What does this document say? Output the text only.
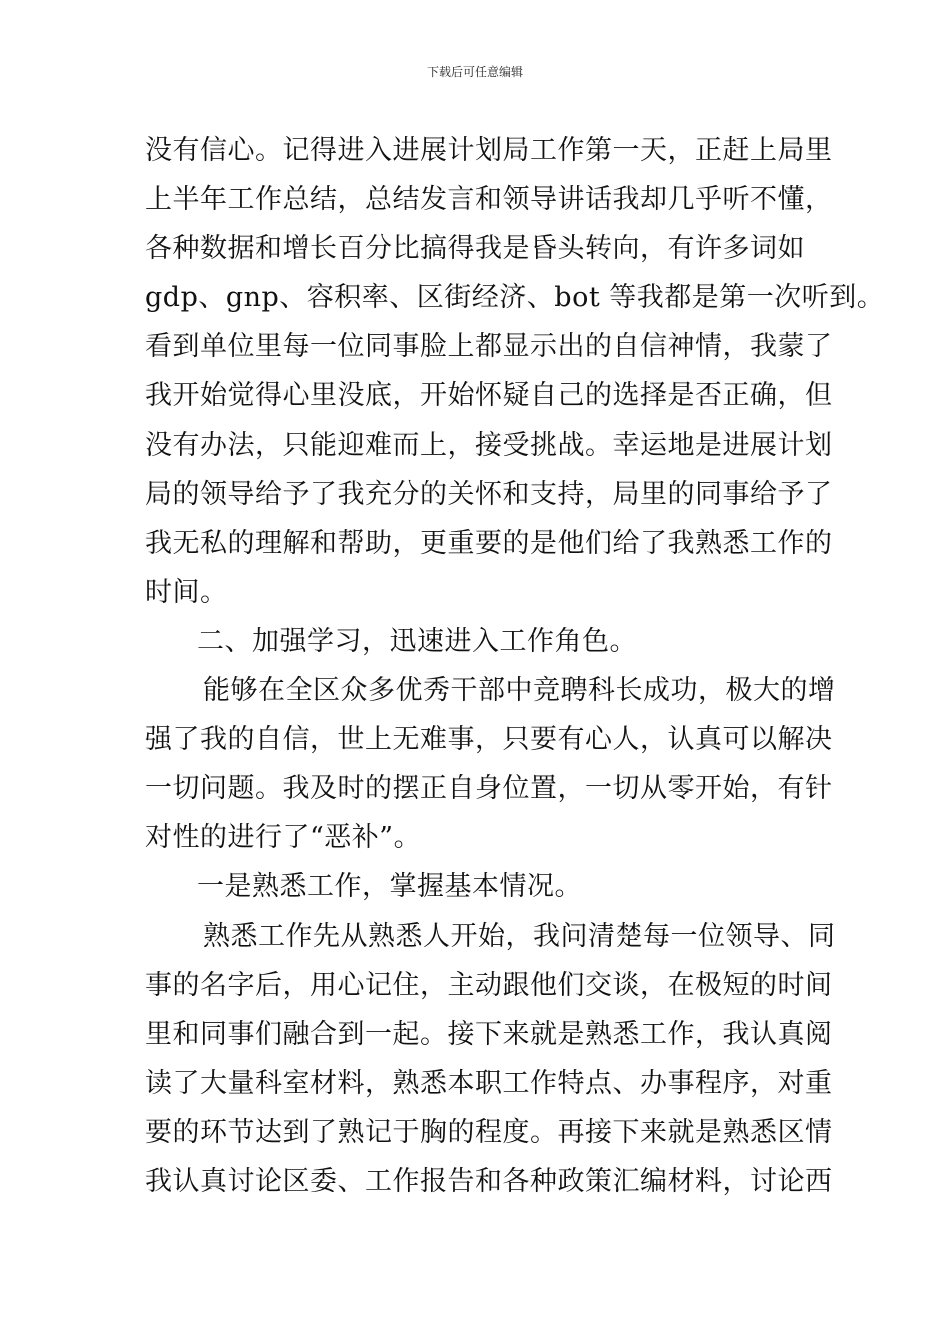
下载后可任意编辑
没有信心。记得进入进展计划局工作第一天，正赶上局里
上半年工作总结，总结发言和领导讲话我却几乎听不懂，
各种数据和增长百分比搞得我是昏头转向，有许多词如
gdp、gnp、容积率、区街经济、bot 等我都是第一次听到。
看到单位里每一位同事脸上都显示出的自信神情，我蒙了
我开始觉得心里没底，开始怀疑自己的选择是否正确，但
没有办法，只能迎难而上，接受挑战。幸运地是进展计划
局的领导给予了我充分的关怀和支持，局里的同事给予了
我无私的理解和帮助，更重要的是他们给了我熟悉工作的
时间。
二、加强学习，迅速进入工作角色。
能够在全区众多优秀干部中竞聘科长成功，极大的增
强了我的自信，世上无难事，只要有心人，认真可以解决
一切问题。我及时的摆正自身位置，一切从零开始，有针
对性的进行了“恶补”。
一是熟悉工作，掌握基本情况。
熟悉工作先从熟悉人开始，我问清楚每一位领导、同
事的名字后，用心记住，主动跟他们交谈，在极短的时间
里和同事们融合到一起。接下来就是熟悉工作，我认真阅
读了大量科室材料，熟悉本职工作特点、办事程序，对重
要的环节达到了熟记于胸的程度。再接下来就是熟悉区情
我认真讨论区委、工作报告和各种政策汇编材料，讨论西
